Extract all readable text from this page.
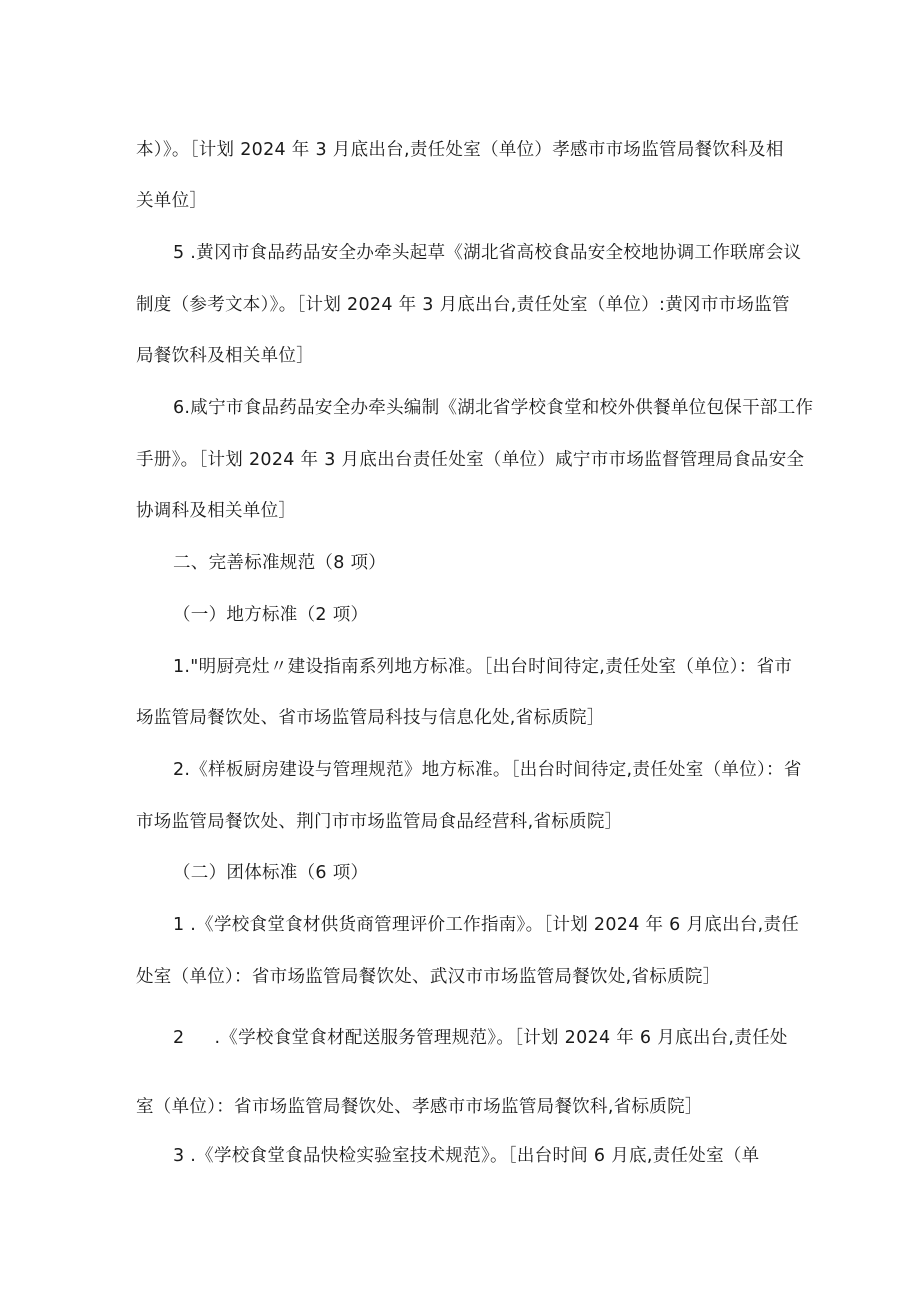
本）》。［计划 2024 年 3 月底出台,责任处室（单位）孝感市市场监管局餐饮科及相

关单位］

5 .黄冈市食品药品安全办牵头起草《湖北省高校食品安全校地协调工作联席会议

制度（参考文本）》。［计划 2024 年 3 月底出台,责任处室（单位）:黄冈市市场监管

局餐饮科及相关单位］

6.咸宁市食品药品安全办牵头编制《湖北省学校食堂和校外供餐单位包保干部工作

手册》。［计划 2024 年 3 月底出台责任处室（单位）咸宁市市场监督管理局食品安全

协调科及相关单位］

二、完善标准规范（8 项）

（一）地方标准（2 项）

1."明厨亮灶〃建设指南系列地方标准。［出台时间待定,责任处室（单位）：省市

场监管局餐饮处、省市场监管局科技与信息化处,省标质院］

2.《样板厨房建设与管理规范》地方标准。［出台时间待定,责任处室（单位）：省

市场监管局餐饮处、荆门市市场监管局食品经营科,省标质院］

（二）团体标准（6 项）

1 .《学校食堂食材供货商管理评价工作指南》。［计划 2024 年 6 月底出台,责任

处室（单位）：省市场监管局餐饮处、武汉市市场监管局餐饮处,省标质院］

2 .《学校食堂食材配送服务管理规范》。［计划 2024 年 6 月底出台,责任处

室（单位）：省市场监管局餐饮处、孝感市市场监管局餐饮科,省标质院］

3 .《学校食堂食品快检实验室技术规范》。［出台时间 6 月底,责任处室（单
